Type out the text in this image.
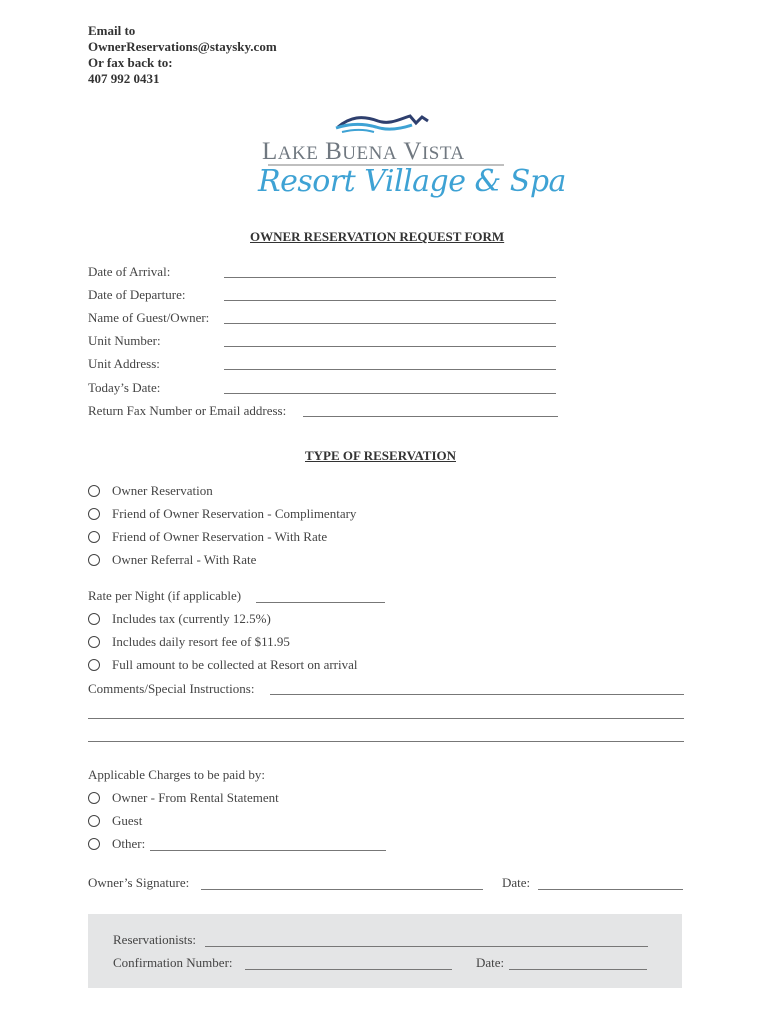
Email to
OwnerReservations@staysky.com
Or fax back to:
407 992 0431
LAKE BUENA VISTA
Resort Village & Spa
OWNER RESERVATION REQUEST FORM
Date of Arrival:
Date of Departure:
Name of Guest/Owner:
Unit Number:
Unit Address:
Today’s Date:
Return Fax Number or Email address:
TYPE OF RESERVATION
Owner Reservation
Friend of Owner Reservation - Complimentary
Friend of Owner Reservation - With Rate
Owner Referral - With Rate
Rate per Night (if applicable)
Includes tax (currently 12.5%)
Includes daily resort fee of $11.95
Full amount to be collected at Resort on arrival
Comments/Special Instructions:
Applicable Charges to be paid by:
Owner - From Rental Statement
Guest
Other:
Owner’s Signature:	Date:
Reservationists:
Confirmation Number:	Date:
